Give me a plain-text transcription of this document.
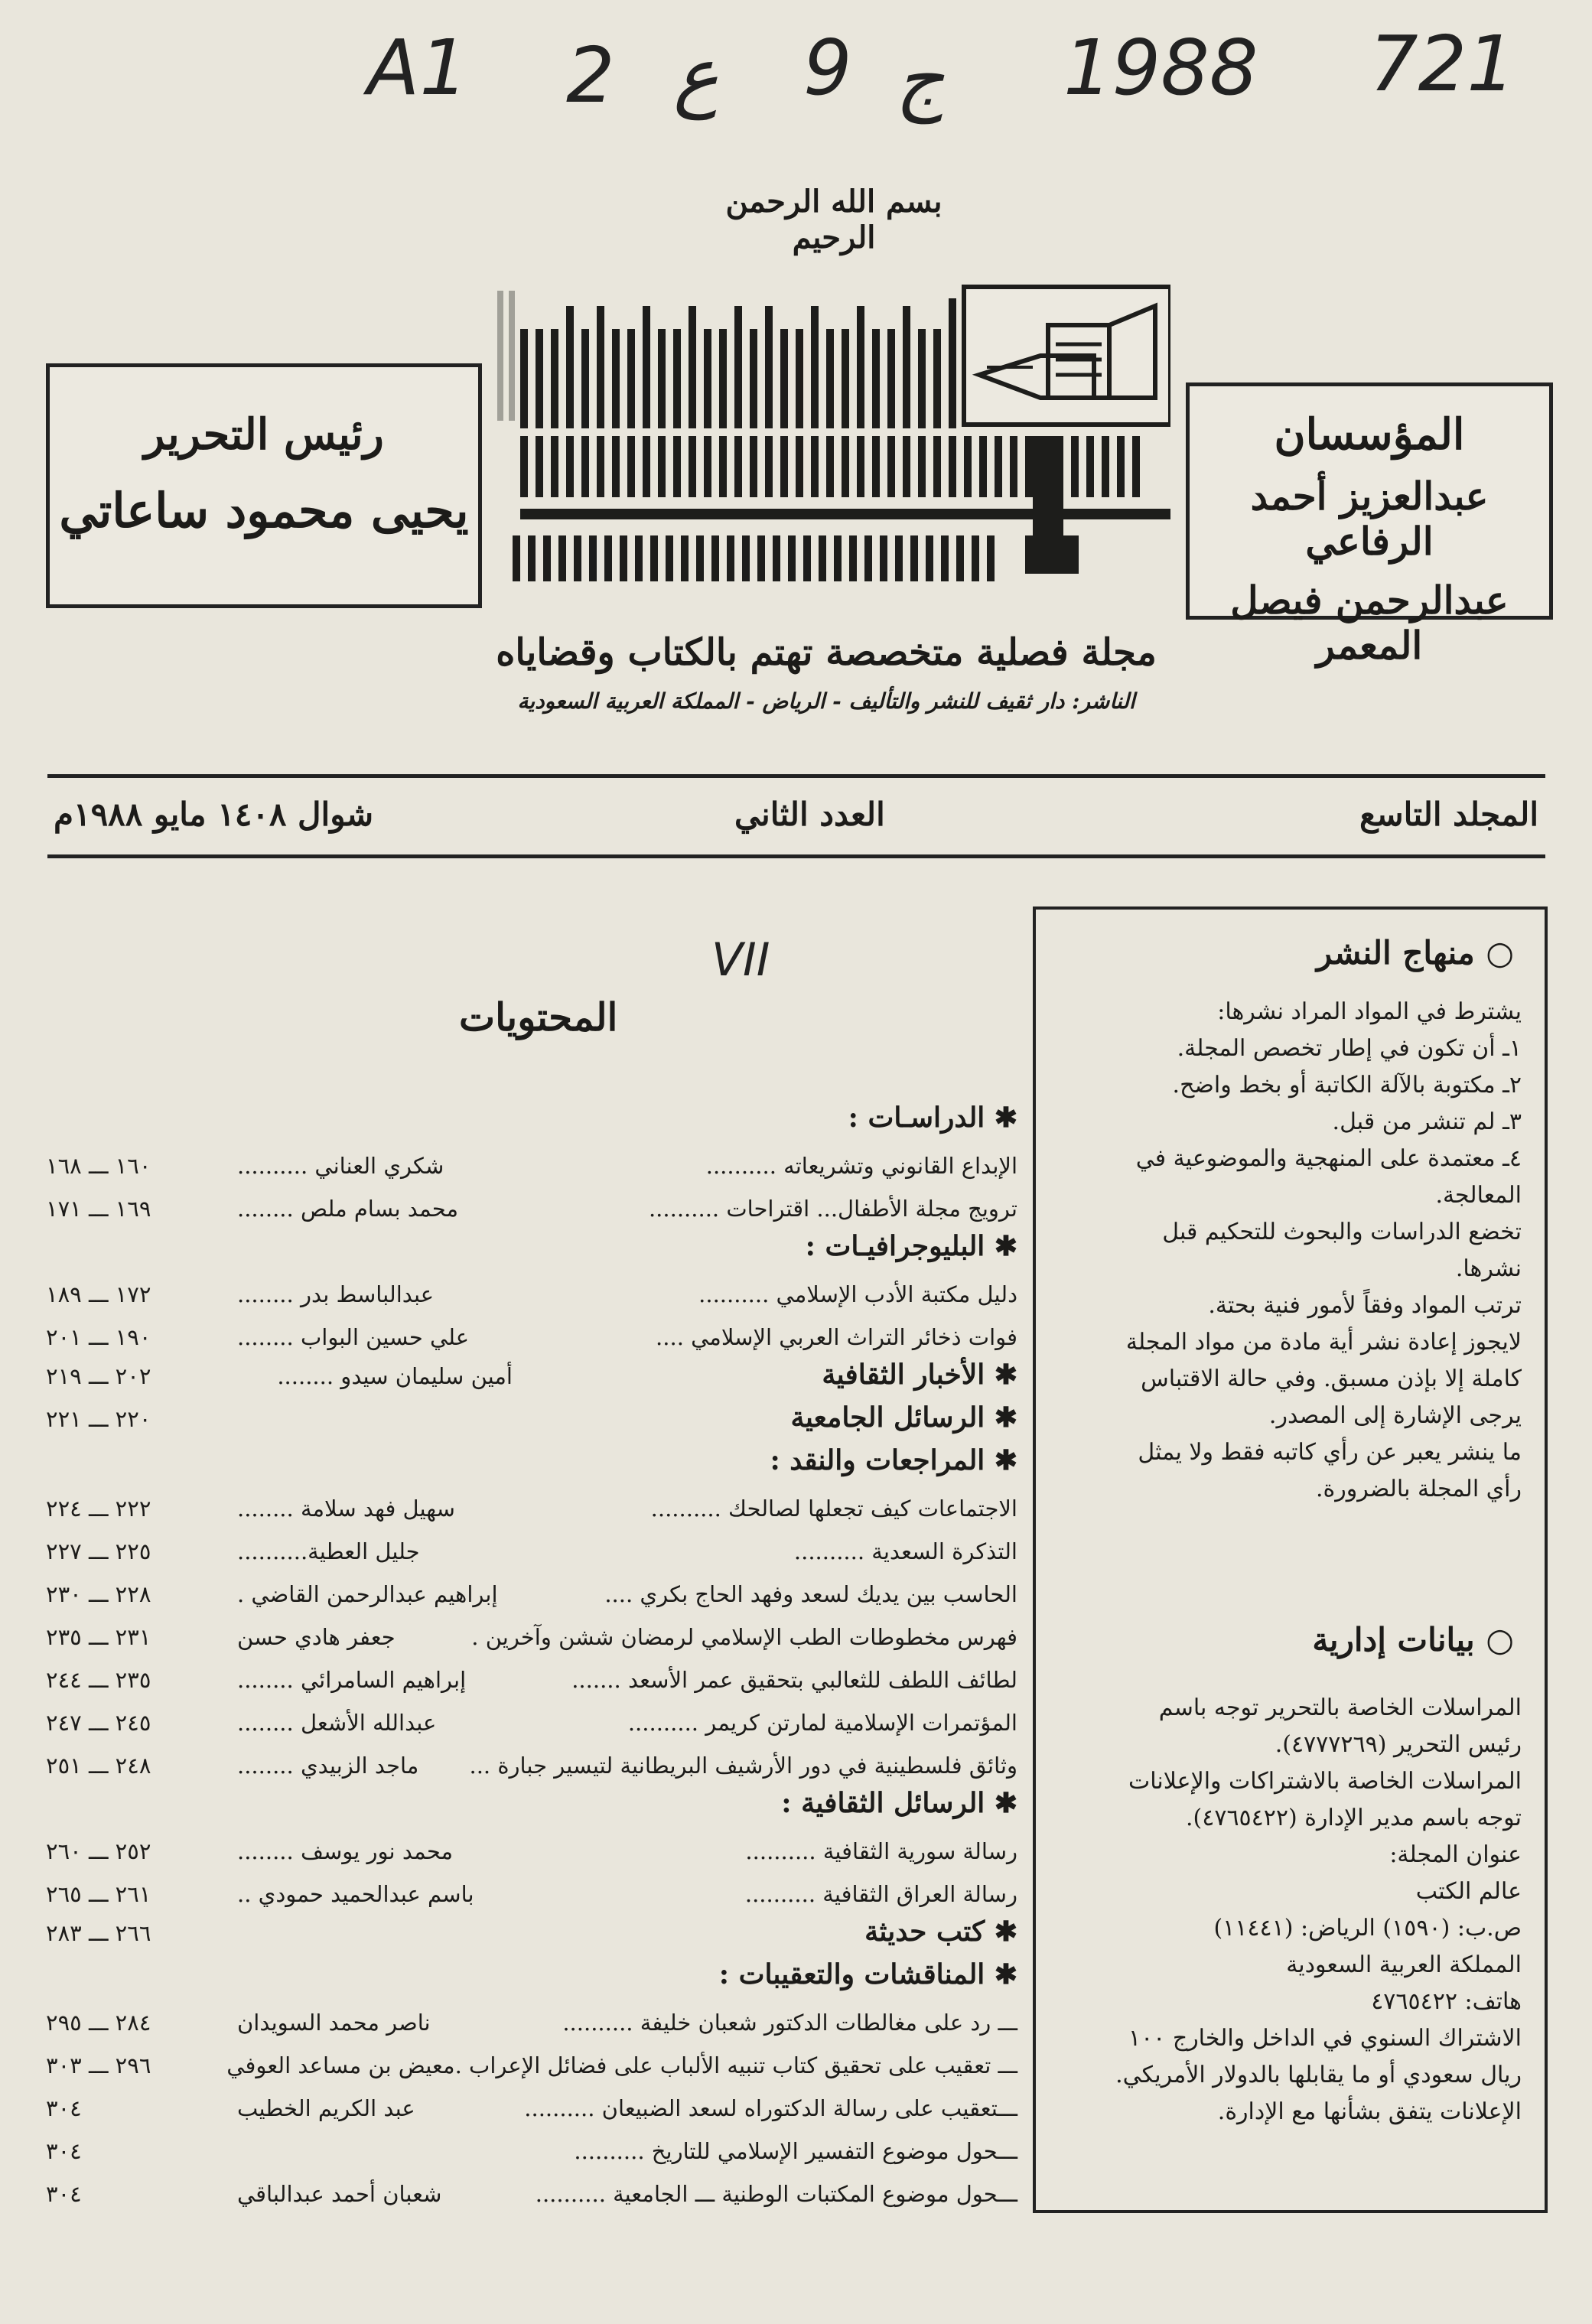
A1 2 ع 9 ج 1988 721
بسم الله الرحمن الرحيم
رئيس التحرير
يحيى محمود ساعاتي
المؤسسان
عبدالعزيز أحمد الرفاعي
عبدالرحمن فيصل المعمر
مجلة فصلية متخصصة تهتم بالكتاب وقضاياه
الناشر: دار ثقيف للنشر والتأليف - الرياض - المملكة العربية السعودية
المجلد التاسع
العدد الثاني
شوال ١٤٠٨ مايو ١٩٨٨م
○ منهاج النشر
يشترط في المواد المراد نشرها:
١ـ أن تكون في إطار تخصص المجلة.
٢ـ مكتوبة بالآلة الكاتبة أو بخط واضح.
٣ـ لم تنشر من قبل.
٤ـ معتمدة على المنهجية والموضوعية في
المعالجة.
تخضع الدراسات والبحوث للتحكيم قبل
نشرها.
ترتب المواد وفقاً لأمور فنية بحتة.
لايجوز إعادة نشر أية مادة من مواد المجلة
كاملة إلا بإذن مسبق. وفي حالة الاقتباس
يرجى الإشارة إلى المصدر.
ما ينشر يعبر عن رأي كاتبه فقط ولا يمثل
رأي المجلة بالضرورة.
○ بيانات إدارية
المراسلات الخاصة بالتحرير توجه باسم
رئيس التحرير (٤٧٧٧٢٦٩).
المراسلات الخاصة بالاشتراكات والإعلانات
توجه باسم مدير الإدارة (٤٧٦٥٤٢٢).
عنوان المجلة:
عالم الكتب
ص.ب: (١٥٩٠) الرياض: (١١٤٤١)
المملكة العربية السعودية
هاتف: ٤٧٦٥٤٢٢
الاشتراك السنوي في الداخل والخارج ١٠٠
ريال سعودي أو ما يقابلها بالدولار الأمريكي.
الإعلانات يتفق بشأنها مع الإدارة.
VII
المحتويات
✱ الدراسـات :
الإبداع القانوني وتشريعاته ..........
شكري العناني ..........
١٦٠ ـــ ١٦٨
ترويج مجلة الأطفال... اقتراحات ..........
محمد بسام ملص ........
١٦٩ ـــ ١٧١
✱ البليوجرافيـات :
دليل مكتبة الأدب الإسلامي ..........
عبدالباسط بدر ........
١٧٢ ـــ ١٨٩
فوات ذخائر التراث العربي الإسلامي ....
علي حسين البواب ........
١٩٠ ـــ ٢٠١
✱ الأخبار الثقافية
٢٠٢ ـــ ٢١٩	أمين سليمان سيدو ........
✱ الرسائل الجامعية
٢٢٠ ـــ ٢٢١
✱ المراجعات والنقد :
الاجتماعات كيف تجعلها لصالحك ..........
سهيل فهد سلامة ........
٢٢٢ ـــ ٢٢٤
التذكرة السعدية ..........
جليل العطية..........
٢٢٥ ـــ ٢٢٧
الحاسب بين يديك لسعد وفهد الحاج بكري ....
إبراهيم عبدالرحمن القاضي .
٢٢٨ ـــ ٢٣٠
فهرس مخطوطات الطب الإسلامي لرمضان ششن وآخرين .
جعفر هادي حسن
٢٣١ ـــ ٢٣٥
لطائف اللطف للثعالبي بتحقيق عمر الأسعد .......
إبراهيم السامرائي ........
٢٣٥ ـــ ٢٤٤
المؤتمرات الإسلامية لمارتن كريمر ..........
عبدالله الأشعل ........
٢٤٥ ـــ ٢٤٧
وثائق فلسطينية في دور الأرشيف البريطانية لتيسير جبارة ...
ماجد الزبيدي ........
٢٤٨ ـــ ٢٥١
✱ الرسائل الثقافية :
رسالة سورية الثقافية ..........
محمد نور يوسف ........
٢٥٢ ـــ ٢٦٠
رسالة العراق الثقافية ..........
باسم عبدالحميد حمودي ..
٢٦١ ـــ ٢٦٥
✱ كتب حديثة
٢٦٦ ـــ ٢٨٣
✱ المناقشات والتعقيبات :
ـــ رد على مغالطات الدكتور شعبان خليفة ..........
ناصر محمد السويدان
٢٨٤ ـــ ٢٩٥
ـــ تعقيب على تحقيق كتاب تنبيه الألباب على فضائل الإعراب .
معيض بن مساعد العوفي
٢٩٦ ـــ ٣٠٣
ـــتعقيب على رسالة الدكتوراه لسعد الضبيعان ..........
عبد الكريم الخطيب
٣٠٤
ـــحول موضوع التفسير الإسلامي للتاريخ ..........
٣٠٤
ـــحول موضوع المكتبات الوطنية ـــ الجامعية ..........
شعبان أحمد عبدالباقي
٣٠٤
